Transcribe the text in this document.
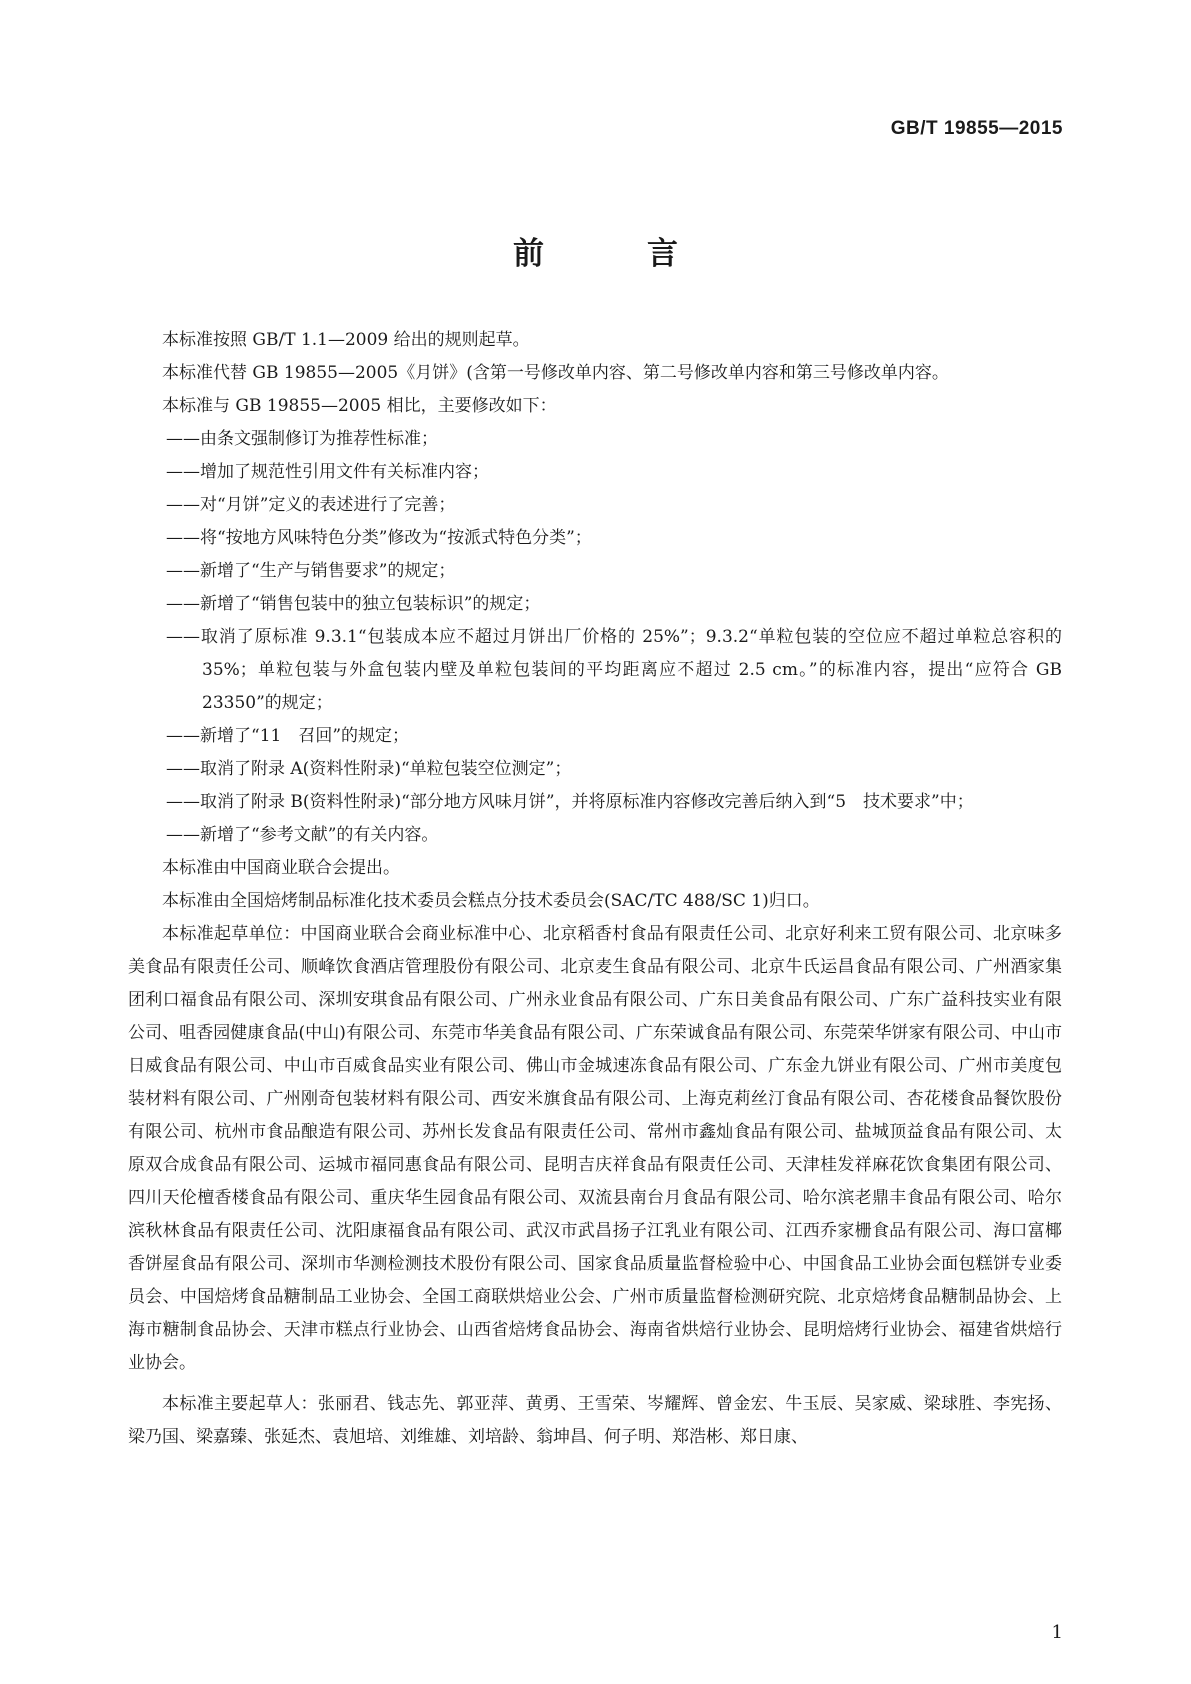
GB/T 19855—2015
前　言

本标准按照 GB/T 1.1—2009 给出的规则起草。

本标准代替 GB 19855—2005《月饼》(含第一号修改单内容、第二号修改单内容和第三号修改单内容。

本标准与 GB 19855—2005 相比，主要修改如下：

——由条文强制修订为推荐性标准；

——增加了规范性引用文件有关标准内容；

——对“月饼”定义的表述进行了完善；

——将“按地方风味特色分类”修改为“按派式特色分类”；

——新增了“生产与销售要求”的规定；

——新增了“销售包装中的独立包装标识”的规定；

——取消了原标准 9.3.1“包装成本应不超过月饼出厂价格的 25%”；9.3.2“单粒包装的空位应不超过单粒总容积的 35%；单粒包装与外盒包装内壁及单粒包装间的平均距离应不超过 2.5 cm。”的标准内容，提出“应符合 GB 23350”的规定；

——新增了“11　召回”的规定；

——取消了附录 A(资料性附录)“单粒包装空位测定”；

——取消了附录 B(资料性附录)“部分地方风味月饼”，并将原标准内容修改完善后纳入到“5　技术要求”中；

——新增了“参考文献”的有关内容。

本标准由中国商业联合会提出。

本标准由全国焙烤制品标准化技术委员会糕点分技术委员会(SAC/TC 488/SC 1)归口。

本标准起草单位：中国商业联合会商业标准中心、北京稻香村食品有限责任公司、北京好利来工贸有限公司、北京味多美食品有限责任公司、顺峰饮食酒店管理股份有限公司、北京麦生食品有限公司、北京牛氏运昌食品有限公司、广州酒家集团利口福食品有限公司、深圳安琪食品有限公司、广州永业食品有限公司、广东日美食品有限公司、广东广益科技实业有限公司、咀香园健康食品(中山)有限公司、东莞市华美食品有限公司、广东荣诚食品有限公司、东莞荣华饼家有限公司、中山市日威食品有限公司、中山市百威食品实业有限公司、佛山市金城速冻食品有限公司、广东金九饼业有限公司、广州市美度包装材料有限公司、广州刚奇包装材料有限公司、西安米旗食品有限公司、上海克莉丝汀食品有限公司、杏花楼食品餐饮股份有限公司、杭州市食品酿造有限公司、苏州长发食品有限责任公司、常州市鑫灿食品有限公司、盐城顶益食品有限公司、太原双合成食品有限公司、运城市福同惠食品有限公司、昆明吉庆祥食品有限责任公司、天津桂发祥麻花饮食集团有限公司、四川天伦檀香楼食品有限公司、重庆华生园食品有限公司、双流县南台月食品有限公司、哈尔滨老鼎丰食品有限公司、哈尔滨秋林食品有限责任公司、沈阳康福食品有限公司、武汉市武昌扬子江乳业有限公司、江西乔家栅食品有限公司、海口富椰香饼屋食品有限公司、深圳市华测检测技术股份有限公司、国家食品质量监督检验中心、中国食品工业协会面包糕饼专业委员会、中国焙烤食品糖制品工业协会、全国工商联烘焙业公会、广州市质量监督检测研究院、北京焙烤食品糖制品协会、上海市糖制食品协会、天津市糕点行业协会、山西省焙烤食品协会、海南省烘焙行业协会、昆明焙烤行业协会、福建省烘焙行业协会。

本标准主要起草人：张丽君、钱志先、郭亚萍、黄勇、王雪荣、岑耀辉、曾金宏、牛玉辰、吴家威、梁球胜、李宪扬、梁乃国、梁嘉臻、张延杰、袁旭培、刘维雄、刘培龄、翁坤昌、何子明、郑浩彬、郑日康、

1
